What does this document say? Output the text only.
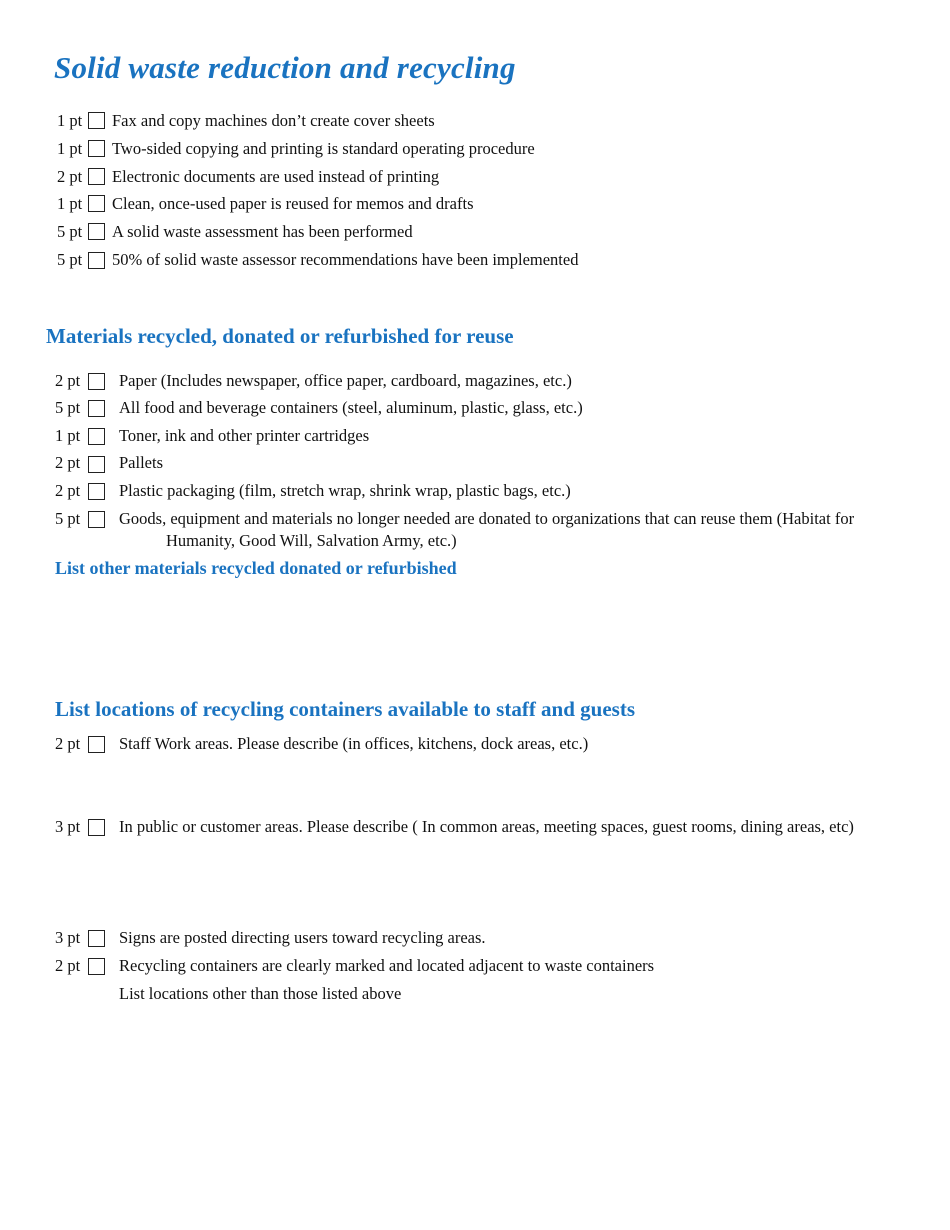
Solid waste reduction and recycling
1 pt Fax and copy machines don’t create cover sheets
1 pt Two-sided copying and printing is standard operating procedure
2 pt Electronic documents are used instead of printing
1 pt Clean, once-used paper is reused for memos and drafts
5 pt A solid waste assessment has been performed
5 pt 50% of solid waste assessor recommendations have been implemented
Materials recycled, donated or refurbished for reuse
2 pt Paper (Includes newspaper, office paper, cardboard, magazines, etc.)
5 pt All food and beverage containers (steel, aluminum, plastic, glass, etc.)
1 pt Toner, ink and other printer cartridges
2 pt Pallets
2 pt Plastic packaging (film, stretch wrap, shrink wrap, plastic bags, etc.)
5 pt Goods, equipment and materials no longer needed are donated to organizations that can reuse them (Habitat for
Humanity, Good Will, Salvation Army, etc.)
List other materials recycled donated or refurbished
List locations of recycling containers available to staff and guests
2 pt Staff Work areas. Please describe (in offices, kitchens, dock areas, etc.)
3 pt In public or customer areas. Please describe ( In common areas, meeting spaces, guest rooms, dining areas, etc)
3 pt Signs are posted directing users toward recycling areas.
2 pt Recycling containers are clearly marked and located adjacent to waste containers
List locations other than those listed above
